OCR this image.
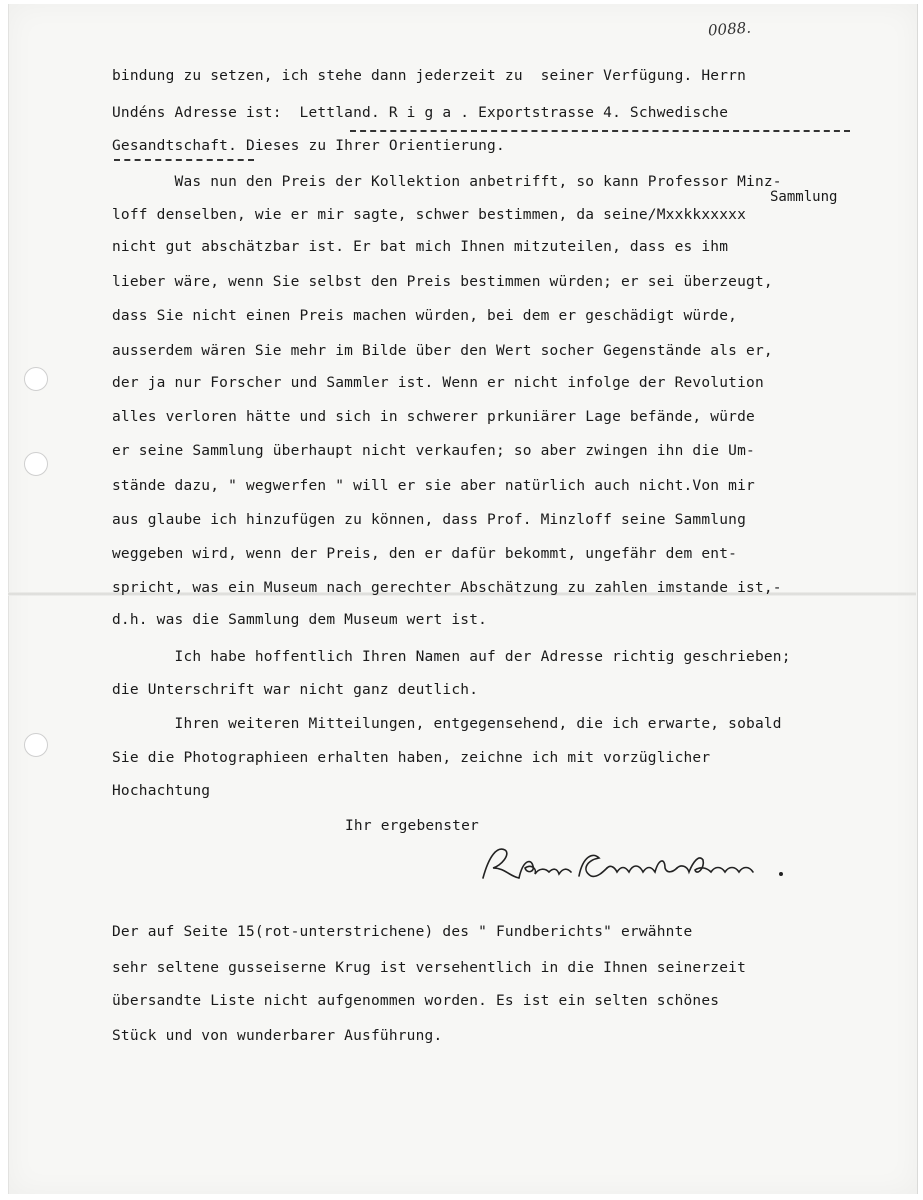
0088.
Sammlung
bindung zu setzen, ich stehe dann jederzeit zu  seiner Verfügung. Herrn
Undéns Adresse ist:  Lettland. R i g a . Exportstrasse 4. Schwedische
Gesandtschaft. Dieses zu Ihrer Orientierung.
Was nun den Preis der Kollektion anbetrifft, so kann Professor Minz-
loff denselben, wie er mir sagte, schwer bestimmen, da seine/Mxxkkxxxxx
nicht gut abschätzbar ist. Er bat mich Ihnen mitzuteilen, dass es ihm
lieber wäre, wenn Sie selbst den Preis bestimmen würden; er sei überzeugt,
dass Sie nicht einen Preis machen würden, bei dem er geschädigt würde,
ausserdem wären Sie mehr im Bilde über den Wert socher Gegenstände als er,
der ja nur Forscher und Sammler ist. Wenn er nicht infolge der Revolution
alles verloren hätte und sich in schwerer prkuniärer Lage befände, würde
er seine Sammlung überhaupt nicht verkaufen; so aber zwingen ihn die Um-
stände dazu, " wegwerfen " will er sie aber natürlich auch nicht.Von mir
aus glaube ich hinzufügen zu können, dass Prof. Minzloff seine Sammlung
weggeben wird, wenn der Preis, den er dafür bekommt, ungefähr dem ent-
spricht, was ein Museum nach gerechter Abschätzung zu zahlen imstande ist,-
d.h. was die Sammlung dem Museum wert ist.
Ich habe hoffentlich Ihren Namen auf der Adresse richtig geschrieben;
die Unterschrift war nicht ganz deutlich.
Ihren weiteren Mitteilungen, entgegensehend, die ich erwarte, sobald
Sie die Photographieen erhalten haben, zeichne ich mit vorzüglicher
Hochachtung
Ihr ergebenster
R. Baron Campenhausen
Der auf Seite 15(rot-unterstrichene) des " Fundberichts" erwähnte
sehr seltene gusseiserne Krug ist versehentlich in die Ihnen seinerzeit
übersandte Liste nicht aufgenommen worden. Es ist ein selten schönes
Stück und von wunderbarer Ausführung.
